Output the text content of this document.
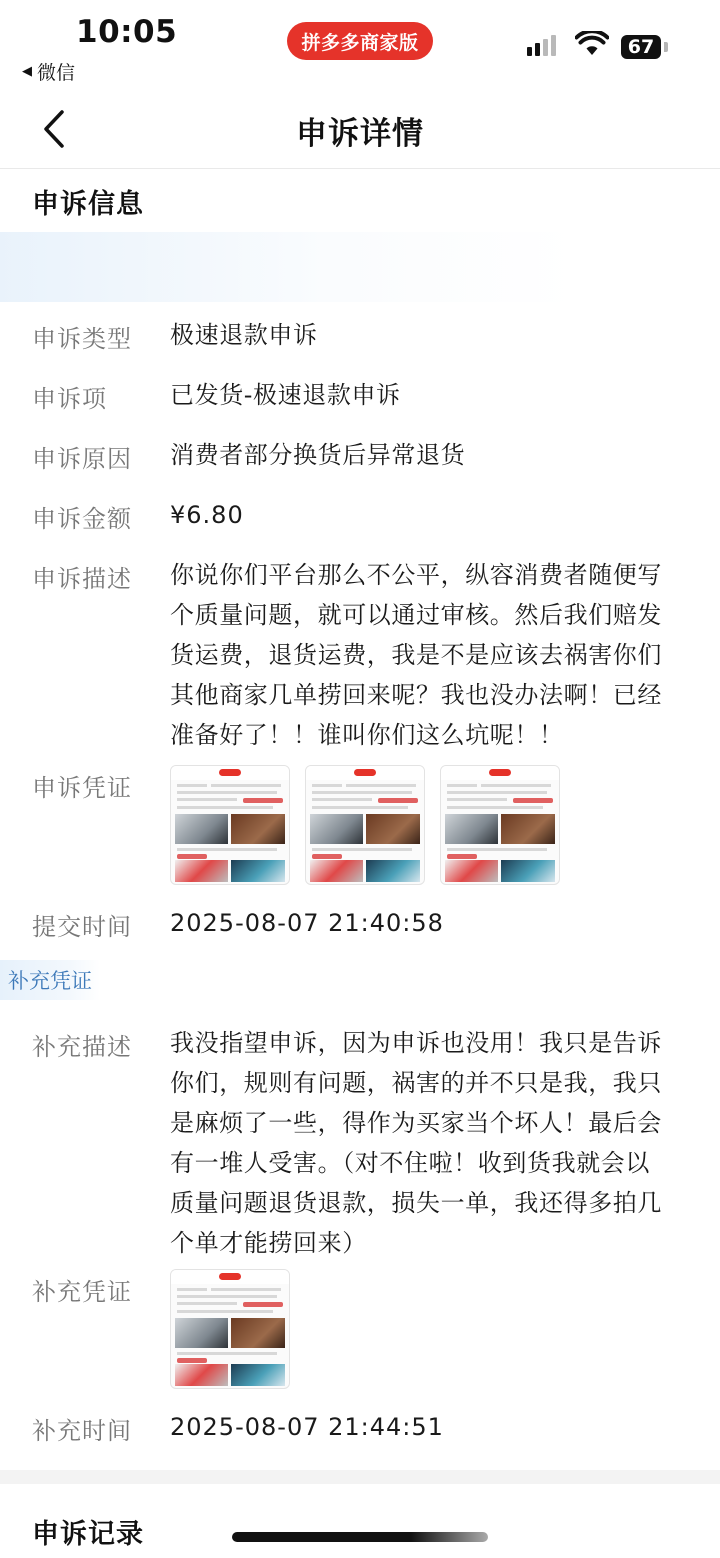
10:05
◀ 微信
拼多多商家版	67
申诉详情
申诉信息
申诉类型 极速退款申诉
申诉项	已发货-极速退款申诉
申诉原因 消费者部分换货后异常退货
申诉金额 ¥6.80
申诉描述 你说你们平台那么不公平，纵容消费者随便写
个质量问题，就可以通过审核。然后我们赔发
货运费，退货运费，我是不是应该去祸害你们
其他商家几单捞回来呢？我也没办法啊！已经
准备好了！！谁叫你们这么坑呢！！
申诉凭证
提交时间 2025-08-07 21:40:58
补充凭证
补充描述 我没指望申诉，因为申诉也没用！我只是告诉
你们，规则有问题，祸害的并不只是我，我只
是麻烦了一些，得作为买家当个坏人！最后会
有一堆人受害。（对不住啦！收到货我就会以
质量问题退货退款，损失一单，我还得多拍几
个单才能捞回来）
补充凭证
补充时间 2025-08-07 21:44:51
申诉记录
